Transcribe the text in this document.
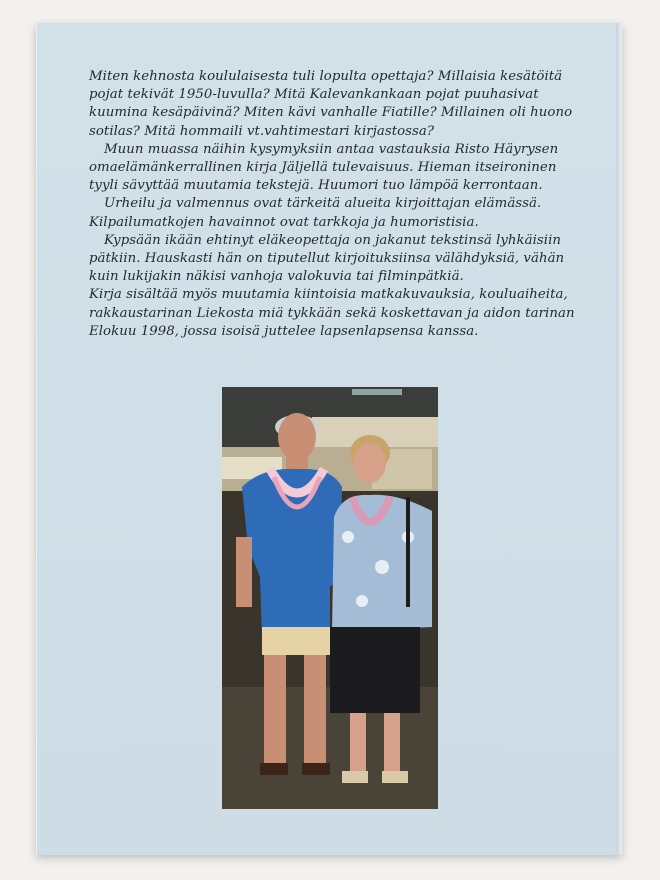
Miten kehnosta koululaisesta tuli lopulta opettaja? Millaisia kesätöitä

pojat tekivät 1950-luvulla? Mitä Kalevankankaan pojat puuhasivat

kuumina kesäpäivinä? Miten kävi vanhalle Fiatille? Millainen oli huono

sotilas? Mitä hommaili vt.vahtimestari kirjastossa?

Muun muassa näihin kysymyksiin antaa vastauksia Risto Häyrysen

omaelämänkerrallinen kirja Jäljellä tulevaisuus. Hieman itseironinen

tyyli sävyttää muutamia tekstejä. Huumori tuo lämpöä kerrontaan.

Urheilu ja valmennus ovat tärkeitä alueita kirjoittajan elämässä.

Kilpailumatkojen havainnot ovat tarkkoja ja humoristisia.

Kypsään ikään ehtinyt eläkeopettaja on jakanut tekstinsä lyhkäisiin

pätkiin. Hauskasti hän on tiputellut kirjoituksiinsa välähdyksiä, vähän

kuin lukijakin näkisi vanhoja valokuvia tai filminpätkiä.

Kirja sisältää myös muutamia kiintoisia matkakuvauksia, kouluaiheita,

rakkaustarinan Liekosta miä tykkään sekä koskettavan ja aidon tarinan

Elokuu 1998, jossa isoisä juttelee lapsenlapsensa kanssa.
